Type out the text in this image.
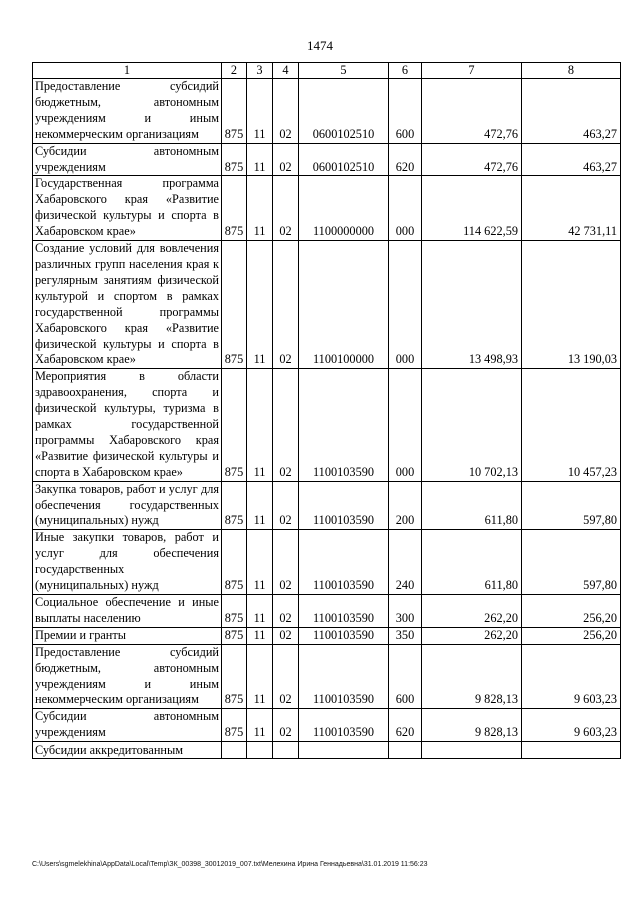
1474
1	2	3	4	5	6	7	8
Предоставление субсидий бюджетным, автономным учреждениям и иным некоммерческим организациям	875	11	02	0600102510	600	472,76	463,27
Субсидии автономным учреждениям	875	11	02	0600102510	620	472,76	463,27
Государственная программа Хабаровского края «Развитие физической культуры и спорта в Хабаровском крае»	875	11	02	1100000000	000	114 622,59	42 731,11
Создание условий для вовлечения различных групп населения края к регулярным занятиям физической культурой и спортом в рамках государственной программы Хабаровского края «Развитие физической культуры и спорта в Хабаровском крае»	875	11	02	1100100000	000	13 498,93	13 190,03
Мероприятия в области здравоохранения, спорта и физической культуры, туризма в рамках государственной программы Хабаровского края «Развитие физической культуры и спорта в Хабаровском крае»	875	11	02	1100103590	000	10 702,13	10 457,23
Закупка товаров, работ и услуг для обеспечения государственных (муниципальных) нужд	875	11	02	1100103590	200	611,80	597,80
Иные закупки товаров, работ и услуг для обеспечения государственных (муниципальных) нужд	875	11	02	1100103590	240	611,80	597,80
Социальное обеспечение и иные выплаты населению	875	11	02	1100103590	300	262,20	256,20
Премии и гранты	875	11	02	1100103590	350	262,20	256,20
Предоставление субсидий бюджетным, автономным учреждениям и иным некоммерческим организациям	875	11	02	1100103590	600	9 828,13	9 603,23
Субсидии автономным учреждениям	875	11	02	1100103590	620	9 828,13	9 603,23
Субсидии аккредитованным							
C:\Users\sgmelekhina\AppData\Local\Temp\ЗК_00398_30012019_007.txt\Мелехина Ирина Геннадьевна\31.01.2019 11:56:23
